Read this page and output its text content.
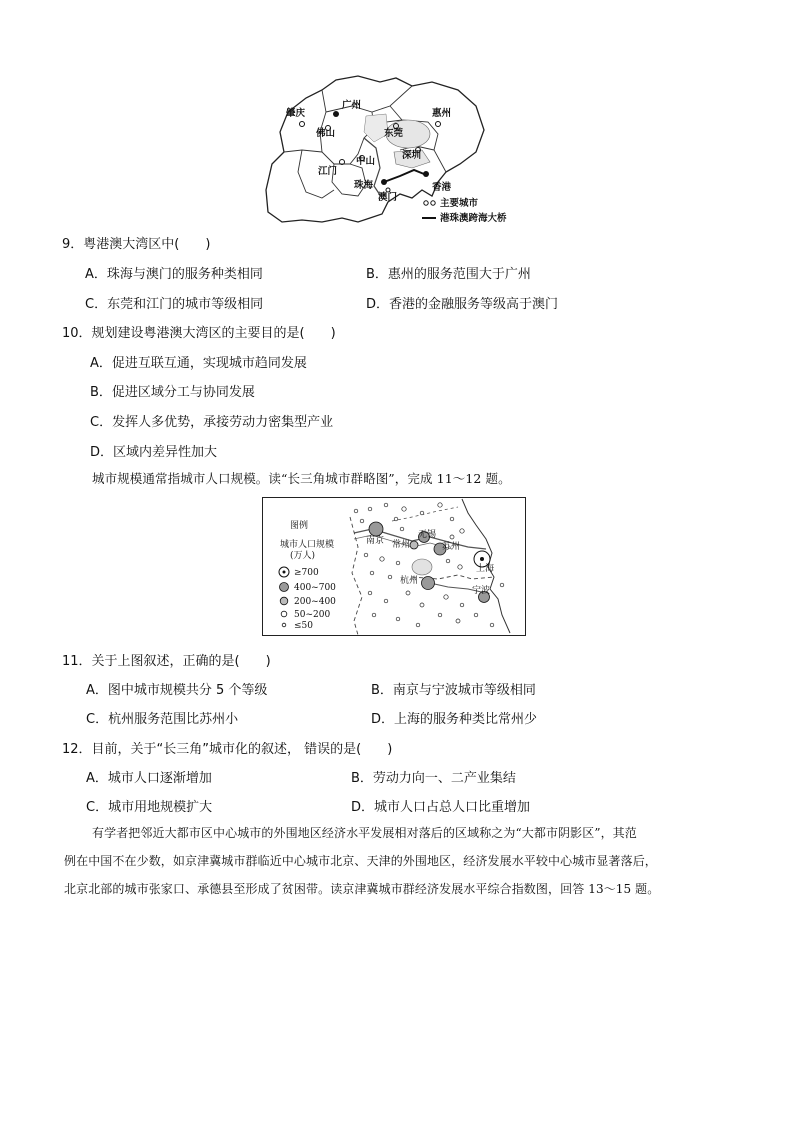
肇庆
广州
惠州
佛山	东莞
深圳
江门
中山
珠海	香港
澳门
主要城市
港珠澳跨海大桥
9．粤港澳大湾区中(　　)
A．珠海与澳门的服务种类相同	B．惠州的服务范围大于广州
C．东莞和江门的城市等级相同	D．香港的金融服务等级高于澳门
10．规划建设粤港澳大湾区的主要目的是(　　)
A．促进互联互通，实现城市趋同发展
B．促进区域分工与协同发展
C．发挥人多优势，承接劳动力密集型产业
D．区域内差异性加大
城市规模通常指城市人口规模。读“长三角城市群略图”，完成 11～12 题。
图例
城市人口规模
(万人)
≥700
400~700
200~400
50~200
≤50
南京
无锡
常州	苏州
上海
杭州
宁波
11．关于上图叙述，正确的是(　　)
A．图中城市规模共分 5 个等级	B．南京与宁波城市等级相同
C．杭州服务范围比苏州小	D．上海的服务种类比常州少
12．目前，关于“长三角”城市化的叙述， 错误的是(　　)
A．城市人口逐渐增加	B．劳动力向一、二产业集结
C．城市用地规模扩大	D．城市人口占总人口比重增加
有学者把邻近大都市区中心城市的外围地区经济水平发展相对落后的区域称之为“大都市阴影区”，其范
例在中国不在少数，如京津冀城市群临近中心城市北京、天津的外围地区，经济发展水平较中心城市显著落后，
北京北部的城市张家口、承德县至形成了贫困带。读京津冀城市群经济发展水平综合指数图，回答 13～15 题。
